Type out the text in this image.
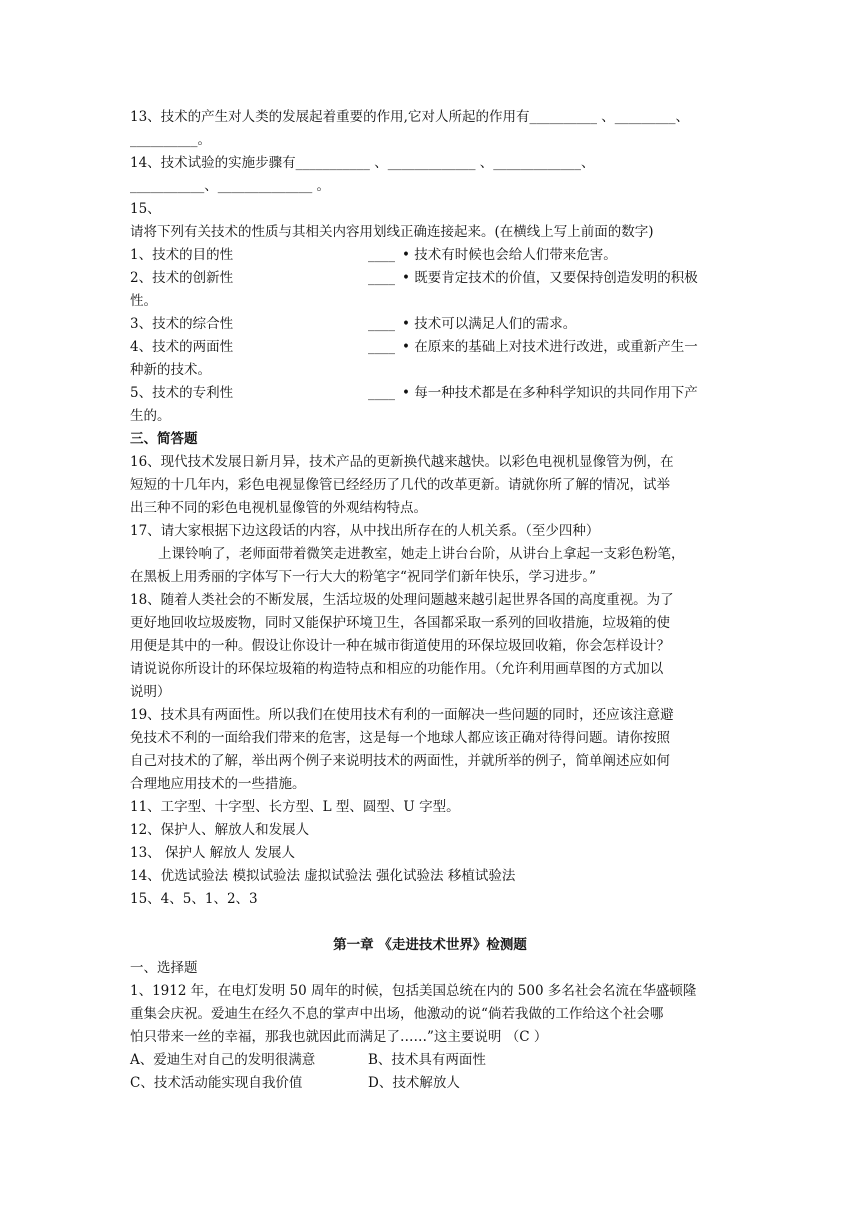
13、技术的产生对人类的发展起着重要的作用,它对人所起的作用有__________ 、_________、
__________。
14、技术试验的实施步骤有___________ 、_____________ 、_____________、
___________、______________ 。
15、
请将下列有关技术的性质与其相关内容用划线正确连接起来。(在横线上写上前面的数字)
1、技术的目的性	____ • 技术有时候也会给人们带来危害。
2、技术的创新性	____ • 既要肯定技术的价值，又要保持创造发明的积极
性。
3、技术的综合性	____ • 技术可以满足人们的需求。
4、技术的两面性	____ • 在原来的基础上对技术进行改进，或重新产生一
种新的技术。
5、技术的专利性	____ • 每一种技术都是在多种科学知识的共同作用下产
生的。
三、简答题
16、现代技术发展日新月异，技术产品的更新换代越来越快。以彩色电视机显像管为例，在
短短的十几年内，彩色电视显像管已经经历了几代的改革更新。请就你所了解的情况，试举
出三种不同的彩色电视机显像管的外观结构特点。
17、请大家根据下边这段话的内容，从中找出所存在的人机关系。（至少四种）
上课铃响了，老师面带着微笑走进教室，她走上讲台台阶，从讲台上拿起一支彩色粉笔，
在黑板上用秀丽的字体写下一行大大的粉笔字“祝同学们新年快乐，学习进步。”
18、随着人类社会的不断发展，生活垃圾的处理问题越来越引起世界各国的高度重视。为了
更好地回收垃圾废物，同时又能保护环境卫生，各国都采取一系列的回收措施，垃圾箱的使
用便是其中的一种。假设让你设计一种在城市街道使用的环保垃圾回收箱，你会怎样设计？
请说说你所设计的环保垃圾箱的构造特点和相应的功能作用。（允许利用画草图的方式加以
说明）
19、技术具有两面性。所以我们在使用技术有利的一面解决一些问题的同时，还应该注意避
免技术不利的一面给我们带来的危害，这是每一个地球人都应该正确对待得问题。请你按照
自己对技术的了解，举出两个例子来说明技术的两面性，并就所举的例子，简单阐述应如何
合理地应用技术的一些措施。
11、工字型、十字型、长方型、L 型、圆型、U 字型。
12、保护人、解放人和发展人
13、 保护人 解放人 发展人
14、优选试验法 模拟试验法 虚拟试验法 强化试验法 移植试验法
15、4、5、1、2、3
第一章 《走进技术世界》检测题
一、选择题
1、1912 年，在电灯发明 50 周年的时候，包括美国总统在内的 500 多名社会名流在华盛顿隆
重集会庆祝。爱迪生在经久不息的掌声中出场，他激动的说“倘若我做的工作给这个社会哪
怕只带来一丝的幸福，那我也就因此而满足了……”这主要说明 （C ）
A、爱迪生对自己的发明很满意	B、技术具有两面性
C、技术活动能实现自我价值	D、技术解放人
